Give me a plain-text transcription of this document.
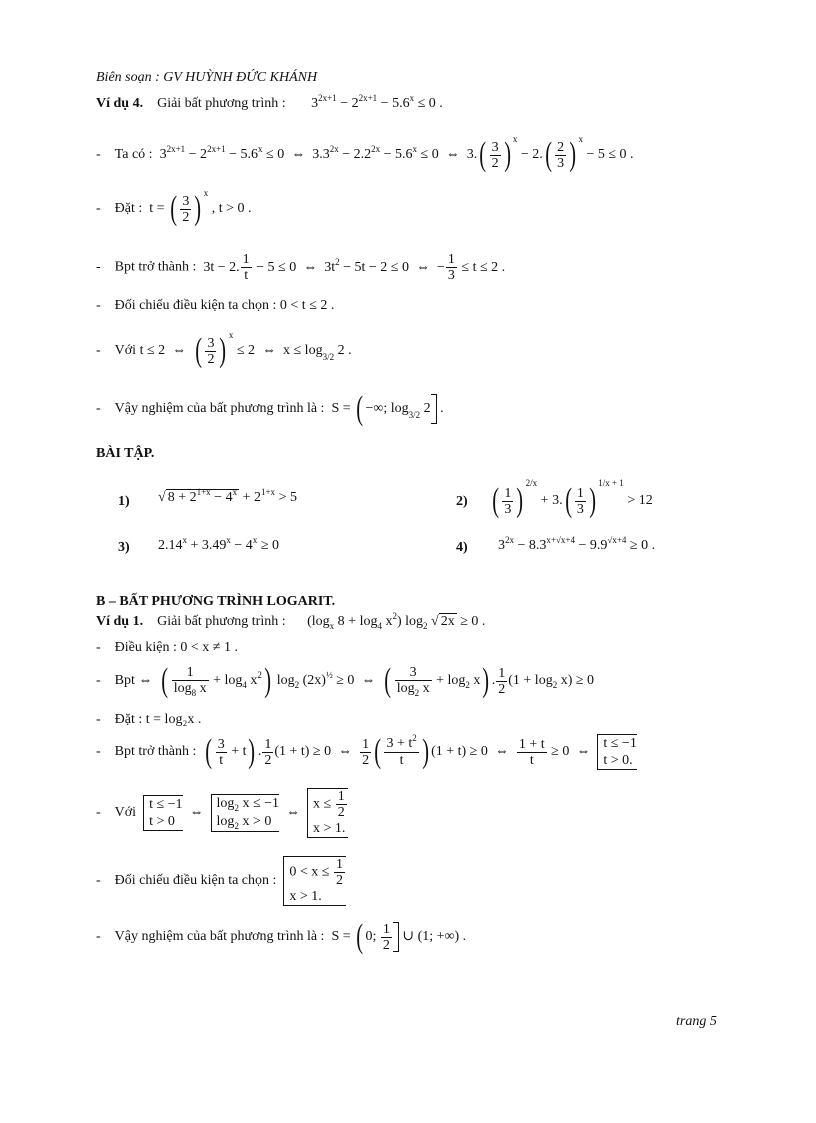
Biên soạn : GV HUỲNH ĐỨC KHÁNH
Ví dụ 4. Giải bất phương trình : $3^{2x+1} - 2^{2x+1} - 5.6^x \le 0$ .
-    Ta có :  $3^{2x+1} - 2^{2x+1} - 5.6^x \le 0$  ⇔  $3.3^{2x} - 2.2^{2x} - 5.6^x \le 0$  ⇔  $3.( \frac{3}{2}$ ) $^x - 2.( \frac{2}{3}$ ) $^x$ − 5 ≤ 0 .
-    Đặt :  t = ( $\frac{3}{2}$ ) $^x$ , t > 0 .
-    Bpt trở thành :  3t − 2. $\frac{1}{t} - 5 \le 0$  ⇔  $3t^2 - 5t - 2 \le 0$  ⇔  − $\frac{1}{3} \le t \le 2$ .
-    Đối chiếu điều kiện ta chọn : 0 < t ≤ 2 .
-    Với t ≤ 2  ⇔  ( $\frac{3}{2}$ ) $^x$ ≤ 2  ⇔  $x \le \log_{3/2} 2$ .
-    Vậy nghiệm của bất phương trình là :  S = ( −∞; $\log_{3/2} 2$ .
BÀI TẬP.
1) √ $8 + 2^{1+x} - 4^x + 2^{1+x} > 5$	2) ( $\frac{1}{3}$ ) $^{2/x} + 3.( \frac{1}{3}$ ) $^{1/x + 1}$ > 12
3) $2.14^x + 3.49^x - 4^x \ge 0$	4) $3^{2x} - 8.3^{x+√x+4} - 9.9^{√x+4} \ge 0$ .
B – BẤT PHƯƠNG TRÌNH LOGARIT.
Ví dụ 1. Giải bất phương trình : ($\log_x$ $8 + \log_4 x^2$) $\log_2$ √ 2x ≥ 0 .
-    Điều kiện : 0 < x ≠ 1 .
-    Bpt ⇔ ( $\frac{1}{\log_8 x} + \log_4 x^2$) $\log_2 (2x)^{\frac{1}{2}} \ge 0$  ⇔  ( $\frac{3}{\log_2 x} + \log_2 x$) . $\frac{1}{2} (1 + \log_2 x) \ge 0$
-    Đặt : t = log₂x .
-    Bpt trở thành : ( $\frac{3}{t} + t$) . $\frac{1}{2} (1 + t) \ge 0$  ⇔ $\frac{1}{2}$ ( $\frac{3 + t^2}{t}$ ) (1 + t) ≥ 0  ⇔ $\frac{1 + t}{t} \ge 0$  ⇔  t ≤ −1
t > 0.
-    Với  t ≤ −1
t > 0  ⇔  $\log_2 x \le -1$
$\log_2 x > 0$  ⇔  $x \le \frac{1}{2}$

x > 1.
-    Đối chiếu điều kiện ta chọn :  $0 < x \le \frac{1}{2}$

x > 1.
-    Vậy nghiệm của bất phương trình là :  S = ( 0; $\frac{1}{2}$ ∪ (1; +∞) .
trang 5
